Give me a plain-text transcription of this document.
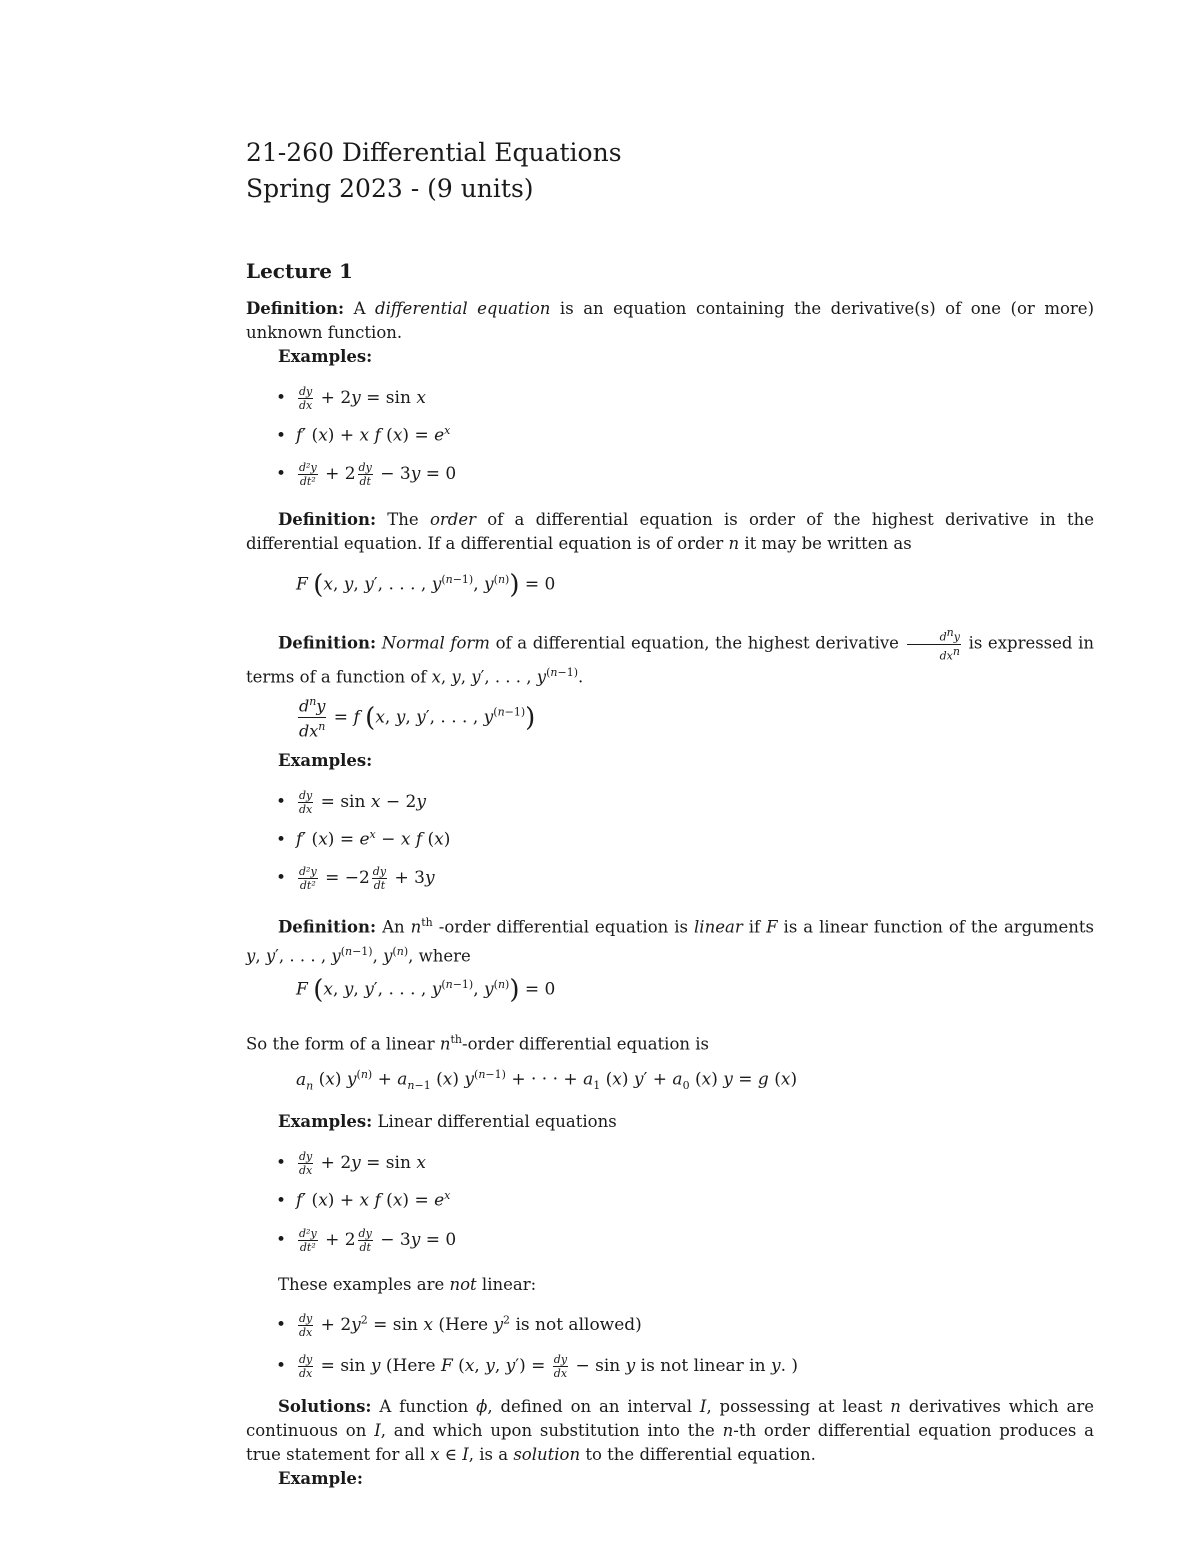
21-260 Differential Equations
Spring 2023 - (9 units)
Lecture 1
Definition: A differential equation is an equation containing the derivative(s) of one (or more) unknown function.
Examples:
• $\frac{dy}{dx} + 2y = \sin x$
• f′ (x) + x f $(x) = e^x$
• $\frac{\text{d²y}}{\text{dt²}} + 2 \frac{dy}{dt} - 3y = 0$
Definition: The order of a differential equation is order of the highest derivative in the differential equation. If a differential equation is of order n it may be written as
F (x, y, y′, . . . , $y^{(n-1)}$, $y^{(n)}) = 0$
Definition: Normal form of a differential equation, the highest derivative $\frac{d^ny}{dx^n}$ is expressed in terms of a function of x, y, y′, . . . , $y^{(n-1)}$.
$\frac{d^ny}{dx^n} = f$ (x, y, y′, . . . , $y^{(n-1)}$)
Examples:
• $\frac{dy}{dx} = \sin x - 2y$
• f′ $(x) = e^x - x$ f (x)
• $\frac{\text{d²y}}{\text{dt²}} = -2 \frac{dy}{dt} + 3y$
Definition: An $n^{th}$ -order differential equation is linear if F is a linear function of the arguments y, y′, . . . , $y^{(n-1)}$, $y^{(n)}$, where
F (x, y, y′, . . . , $y^{(n-1)}$, $y^{(n)}) = 0$
So the form of a linear $n^{th}$-order differential equation is
$a_n$ (x) $y^{(n)} + a_{n-1}$ (x) $y^{(n-1)}$ + · · · + $a_1$ (x) $y' + a_0$ (x) y = g (x)
Examples: Linear differential equations
• $\frac{dy}{dx} + 2y = \sin x$
• f′ (x) + x f $(x) = e^x$
• $\frac{\text{d²y}}{\text{dt²}} + 2 \frac{dy}{dt} - 3y = 0$
These examples are not linear:
• $\frac{dy}{dx} + 2y^2 = \sin x$ (Here $y^2$ is not allowed)
• $\frac{dy}{dx} = \sin y$ (Here F (x, y, $y') = \frac{dy}{dx} - \sin y$ is not linear in y. )
Solutions: A function ϕ, defined on an interval I, possessing at least n derivatives which are continuous on I, and which upon substitution into the n-th order differential equation produces a true statement for all x ∈ I, is a solution to the differential equation.
Example:
